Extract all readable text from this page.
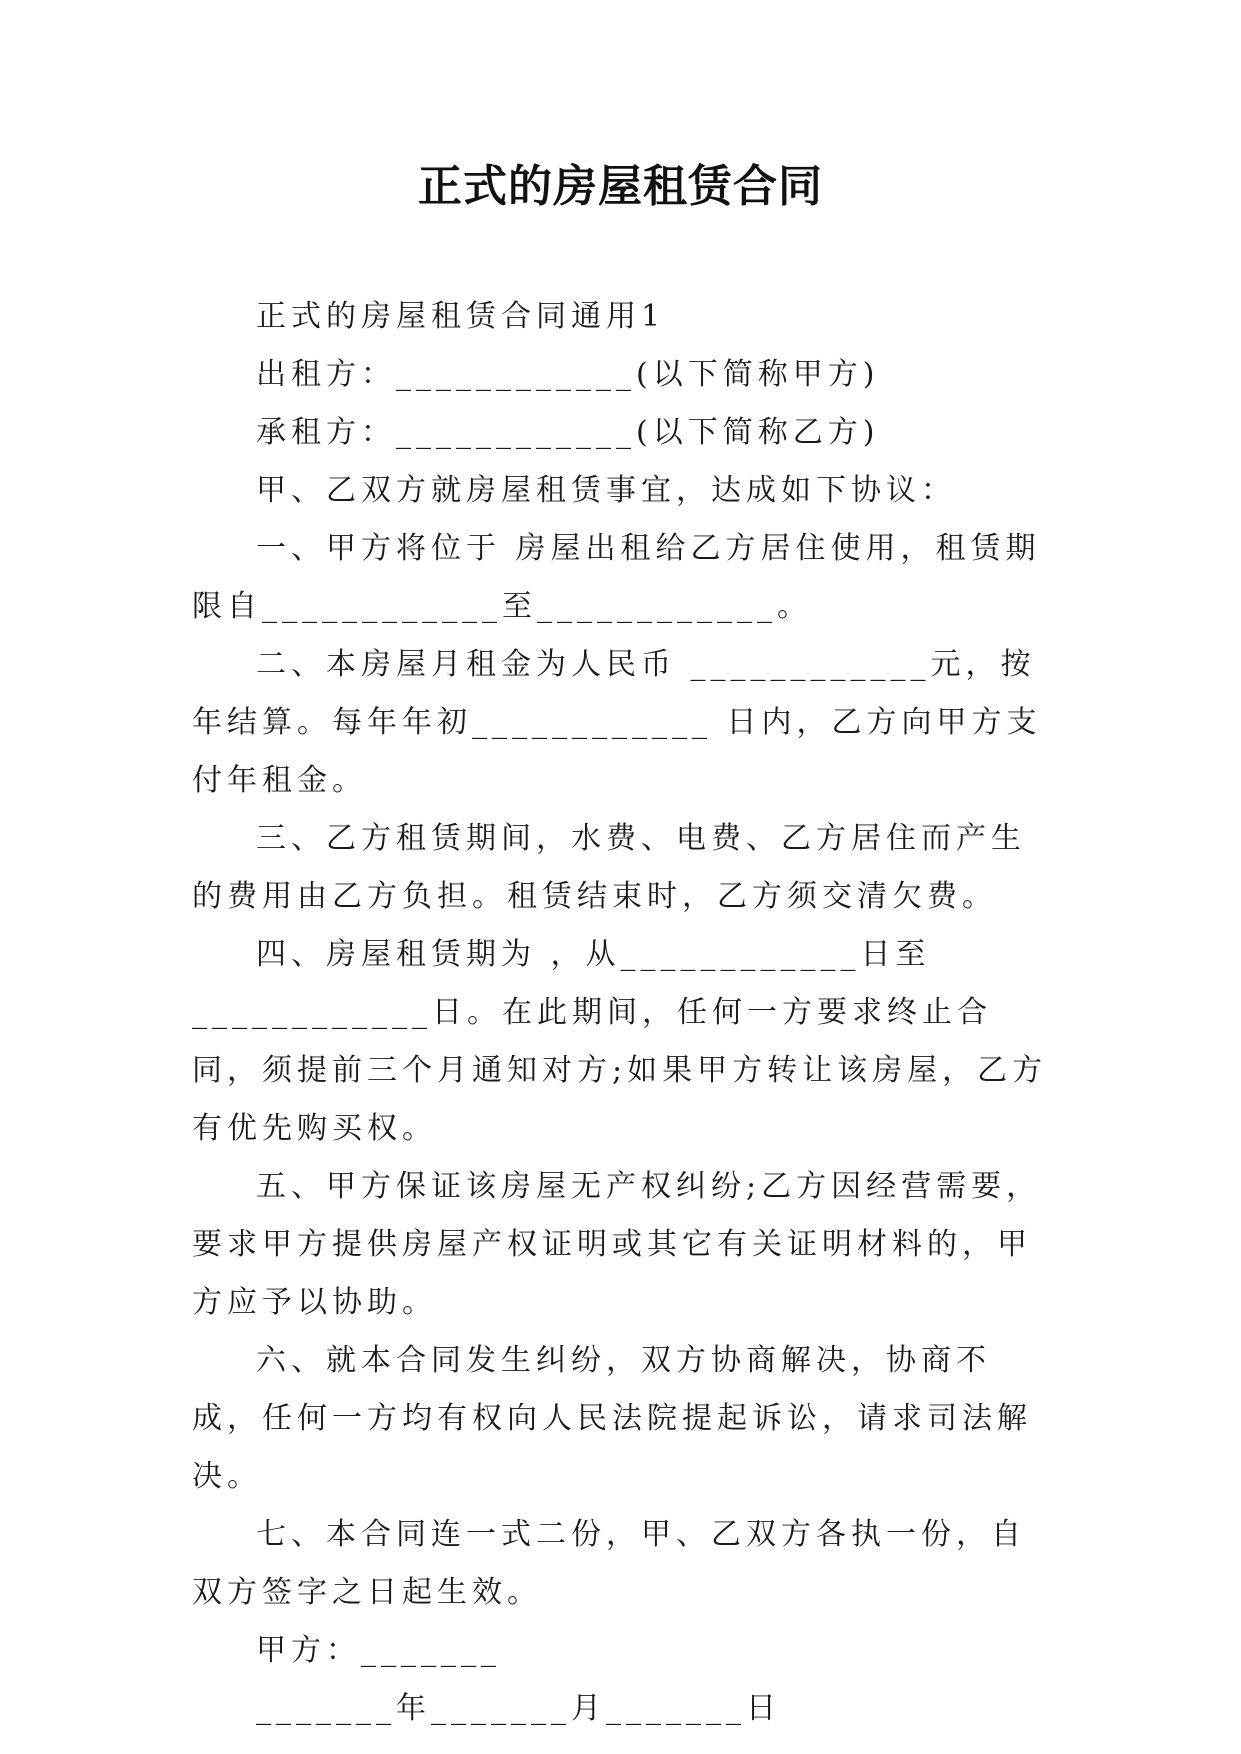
正式的房屋租赁合同

正式的房屋租赁合同通用1

出租方：____________(以下简称甲方)

承租方：____________(以下简称乙方)

甲、乙双方就房屋租赁事宜，达成如下协议：

一、甲方将位于 房屋出租给乙方居住使用，租赁期限自____________至____________。

二、本房屋月租金为人民币 ____________元，按年结算。每年年初____________ 日内，乙方向甲方支付年租金。

三、乙方租赁期间，水费、电费、乙方居住而产生的费用由乙方负担。租赁结束时，乙方须交清欠费。

四、房屋租赁期为 ，从____________日至____________日。在此期间，任何一方要求终止合同，须提前三个月通知对方;如果甲方转让该房屋，乙方有优先购买权。

五、甲方保证该房屋无产权纠纷;乙方因经营需要，要求甲方提供房屋产权证明或其它有关证明材料的，甲方应予以协助。

六、就本合同发生纠纷，双方协商解决，协商不成，任何一方均有权向人民法院提起诉讼，请求司法解决。

七、本合同连一式二份，甲、乙双方各执一份，自双方签字之日起生效。

甲方：_______

_______年_______月_______日
